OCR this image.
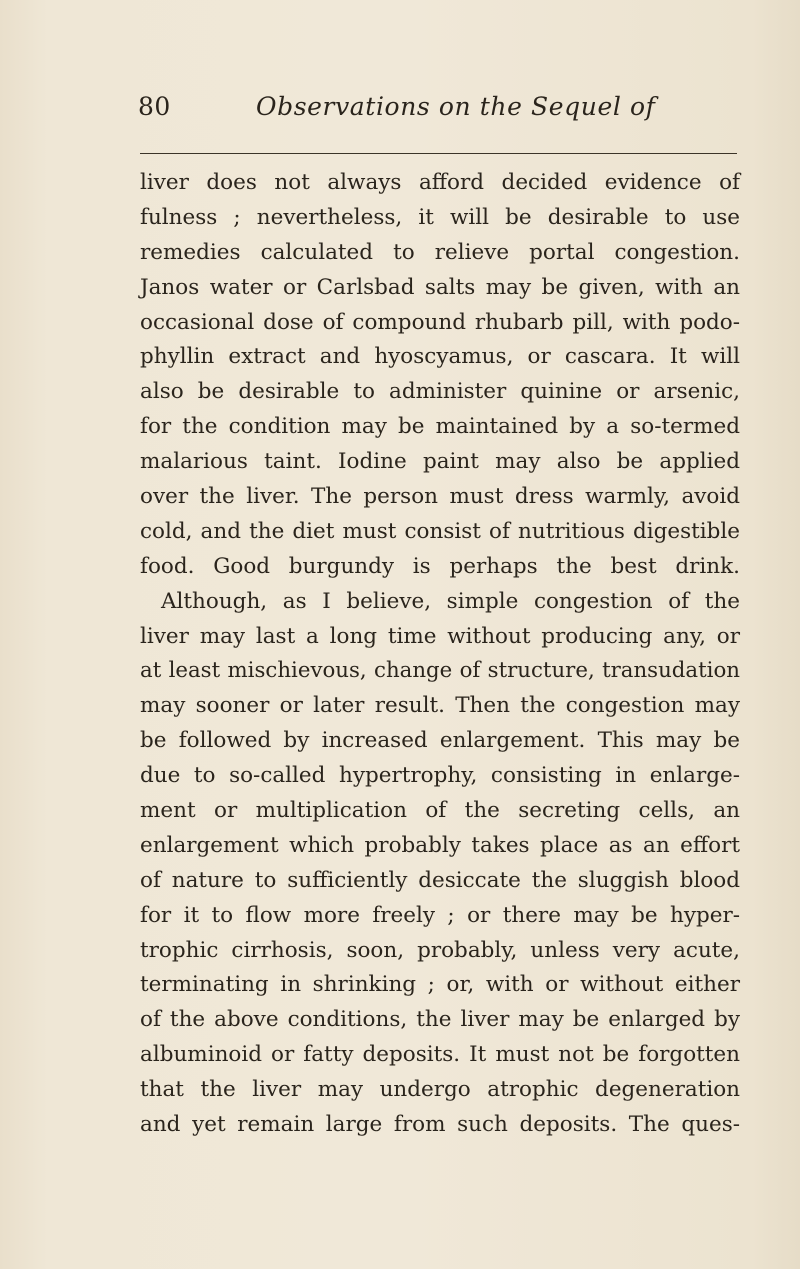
80	Observations on the Sequel of
liver does not always afford decided evidence of
fulness ; nevertheless, it will be desirable to use
remedies calculated to relieve portal congestion.
Janos water or Carlsbad salts may be given, with an
occasional dose of compound rhubarb pill, with podo-
phyllin extract and hyoscyamus, or cascara. It will
also be desirable to administer quinine or arsenic,
for the condition may be maintained by a so-termed
malarious taint. Iodine paint may also be applied
over the liver. The person must dress warmly, avoid
cold, and the diet must consist of nutritious digestible
food. Good burgundy is perhaps the best drink.
Although, as I believe, simple congestion of the
liver may last a long time without producing any, or
at least mischievous, change of structure, transudation
may sooner or later result. Then the congestion may
be followed by increased enlargement. This may be
due to so-called hypertrophy, consisting in enlarge-
ment or multiplication of the secreting cells, an
enlargement which probably takes place as an effort
of nature to sufficiently desiccate the sluggish blood
for it to flow more freely ; or there may be hyper-
trophic cirrhosis, soon, probably, unless very acute,
terminating in shrinking ; or, with or without either
of the above conditions, the liver may be enlarged by
albuminoid or fatty deposits. It must not be forgotten
that the liver may undergo atrophic degeneration
and yet remain large from such deposits. The ques-
